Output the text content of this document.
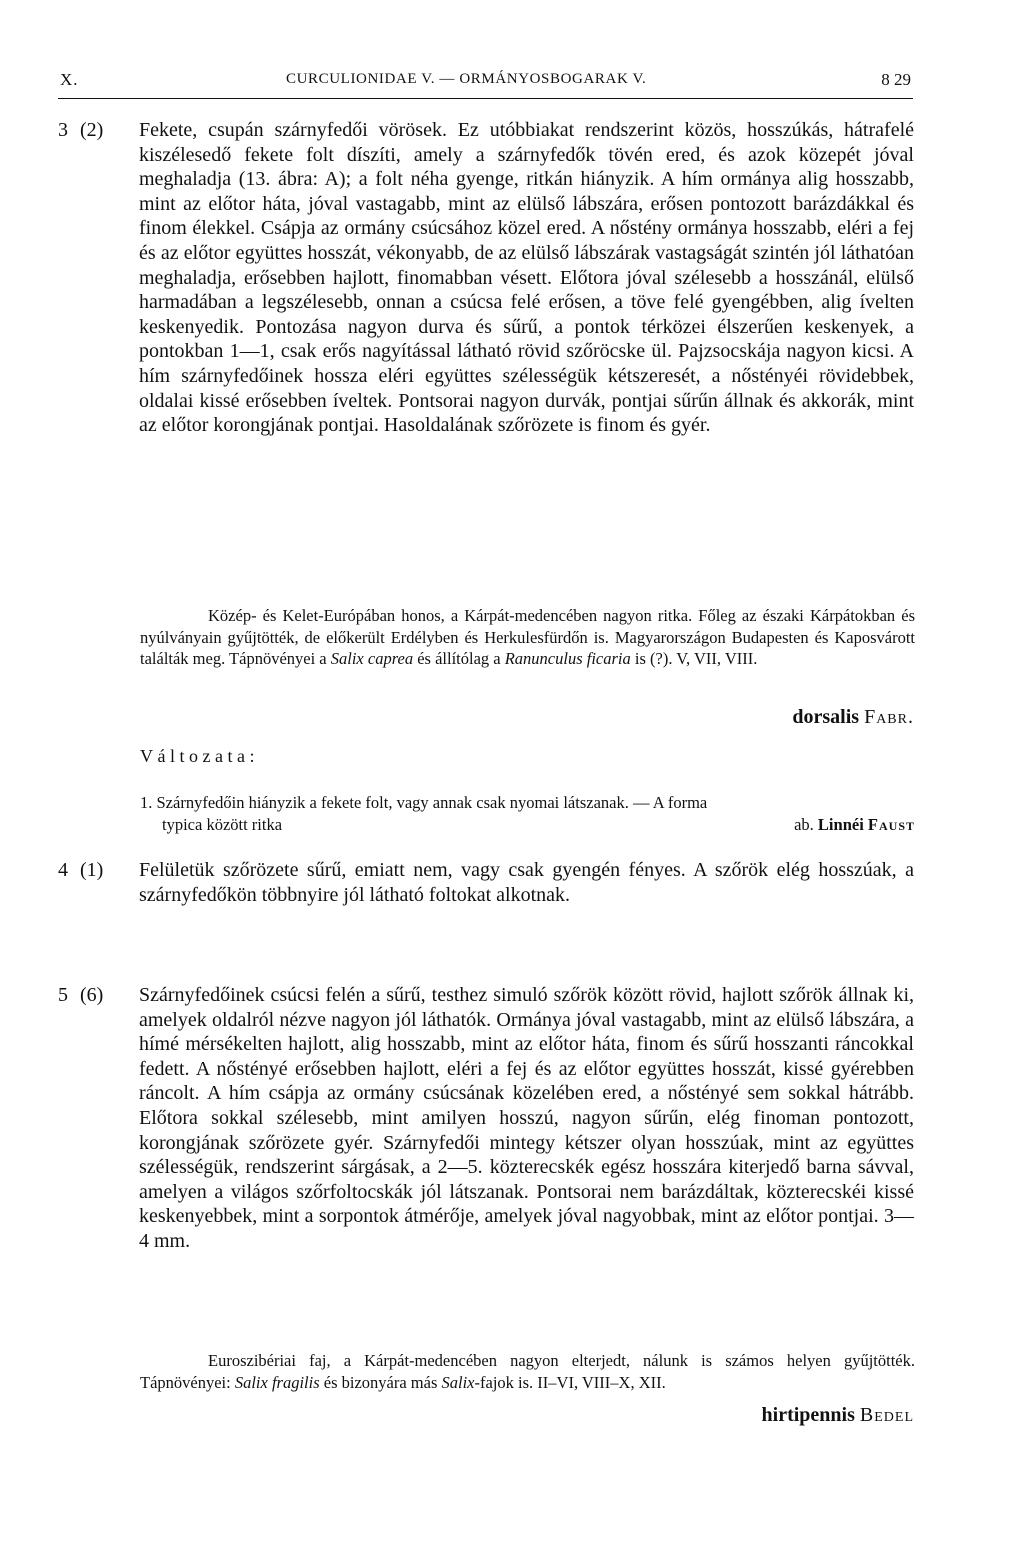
X.	CURCULIONIDAE V. — ORMÁNYOSBOGARAK V.	8 29
3 (2) Fekete, csupán szárnyfedői vörösek. Ez utóbbiakat rendszerint közös, hosszúkás, hátrafelé kiszélesedő fekete folt díszíti, amely a szárnyfedők tövén ered, és azok közepét jóval meghaladja (13. ábra: A); a folt néha gyenge, ritkán hiányzik. A hím ormánya alig hosszabb, mint az előtor háta, jóval vastagabb, mint az elülső lábszára, erősen pontozott barázdákkal és finom élekkel. Csápja az ormány csúcsához közel ered. A nőstény ormánya hosszabb, eléri a fej és az előtor együttes hosszát, vékonyabb, de az elülső lábszárak vastagságát szintén jól láthatóan meghaladja, erősebben hajlott, finomabban vésett. Előtora jóval szélesebb a hosszánál, elülső harmadában a legszélesebb, onnan a csúcsa felé erősen, a töve felé gyengébben, alig ívelten keskenyedik. Pontozása nagyon durva és sűrű, a pontok térközei élszerűen keskenyek, a pontokban 1—1, csak erős nagyítással látható rövid szőröcske ül. Pajzsocskája nagyon kicsi. A hím szárnyfedőinek hossza eléri együttes szélességük kétszeresét, a nőstényéi rövidebbek, oldalai kissé erősebben íveltek. Pontsorai nagyon durvák, pontjai sűrűn állnak és akkorák, mint az előtor korongjának pontjai. Hasoldalának szőrözete is finom és gyér.
Közép- és Kelet-Európában honos, a Kárpát-medencében nagyon ritka. Főleg az északi Kárpátokban és nyúlványain gyűjtötték, de előkerült Erdélyben és Herkulesfürdőn is. Magyarországon Budapesten és Kaposvárott találták meg. Tápnövényei a Salix caprea és állítólag a Ranunculus ficaria is (?). V, VII, VIII.
dorsalis Fabr.
Változata:
1. Szárnyfedőin hiányzik a fekete folt, vagy annak csak nyomai látszanak. — A forma
typica között ritka	ab. Linnéi Faust
4 (1) Felületük szőrözete sűrű, emiatt nem, vagy csak gyengén fényes. A szőrök elég hosszúak, a szárnyfedőkön többnyire jól látható foltokat alkotnak.
5 (6) Szárnyfedőinek csúcsi felén a sűrű, testhez simuló szőrök között rövid, hajlott szőrök állnak ki, amelyek oldalról nézve nagyon jól láthatók. Ormánya jóval vastagabb, mint az elülső lábszára, a hímé mérsékelten hajlott, alig hosszabb, mint az előtor háta, finom és sűrű hosszanti ráncokkal fedett. A nőstényé erősebben hajlott, eléri a fej és az előtor együttes hosszát, kissé gyérebben ráncolt. A hím csápja az ormány csúcsának közelében ered, a nőstényé sem sokkal hátrább. Előtora sokkal szélesebb, mint amilyen hosszú, nagyon sűrűn, elég finoman pontozott, korongjának szőrözete gyér. Szárnyfedői mintegy kétszer olyan hosszúak, mint az együttes szélességük, rendszerint sárgásak, a 2—5. közterecskék egész hosszára kiterjedő barna sávval, amelyen a világos szőrfoltocskák jól látszanak. Pontsorai nem barázdáltak, közterecskéi kissé keskenyebbek, mint a sorpontok átmérője, amelyek jóval nagyobbak, mint az előtor pontjai. 3—4 mm.
Euroszibériai faj, a Kárpát-medencében nagyon elterjedt, nálunk is számos helyen gyűjtötték. Tápnövényei: Salix fragilis és bizonyára más Salix-fajok is. II–VI, VIII–X, XII.
hirtipennis Bedel
